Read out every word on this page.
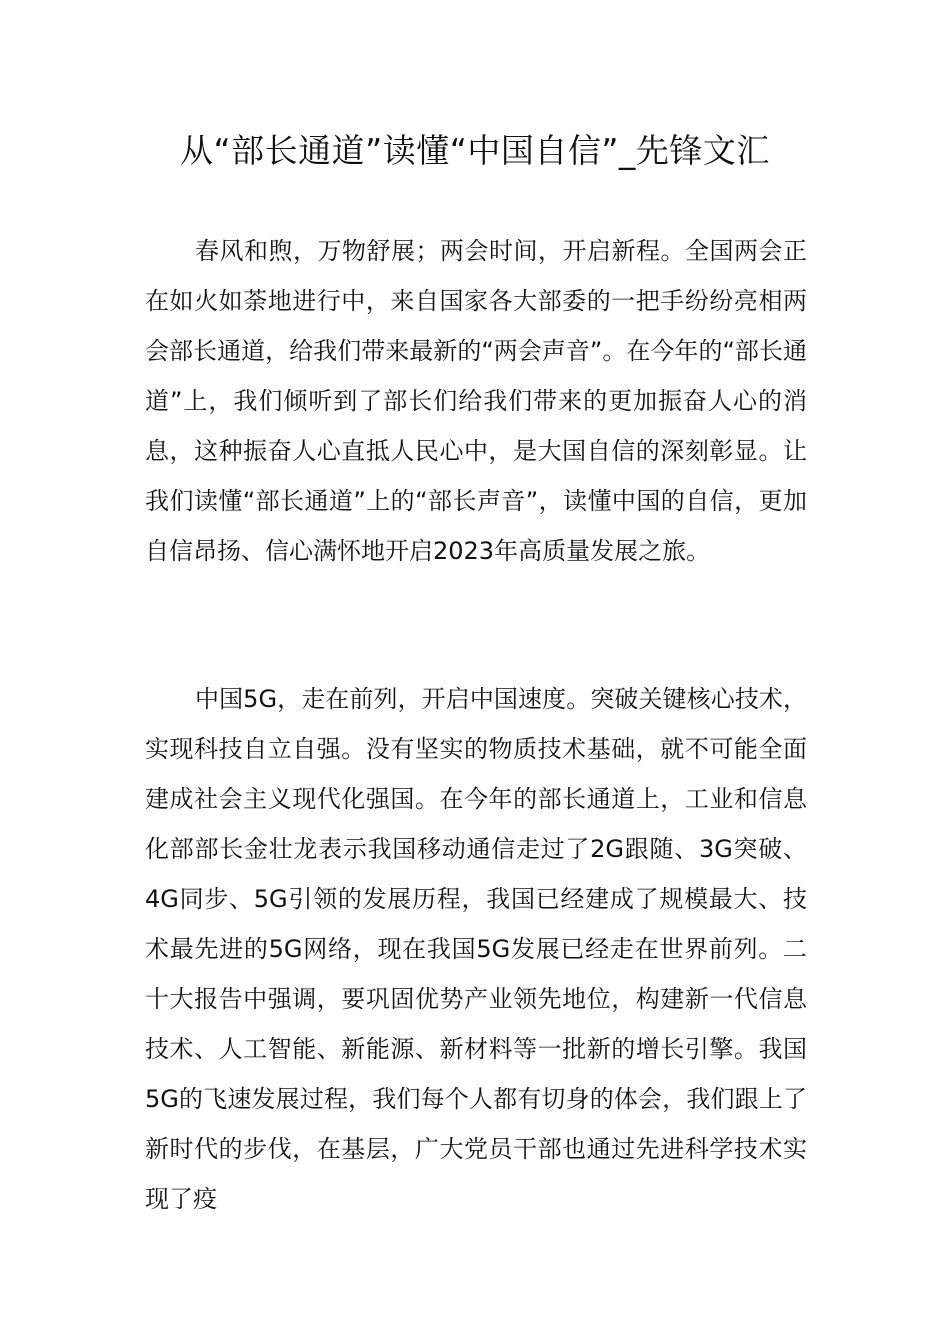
从“部长通道”读懂“中国自信”_先锋文汇

春风和煦，万物舒展；两会时间，开启新程。全国两会正在如火如荼地进行中，来自国家各大部委的一把手纷纷亮相两会部长通道，给我们带来最新的“两会声音”。在今年的“部长通道”上，我们倾听到了部长们给我们带来的更加振奋人心的消息，这种振奋人心直抵人民心中，是大国自信的深刻彰显。让我们读懂“部长通道”上的“部长声音”，读懂中国的自信，更加自信昂扬、信心满怀地开启2023年高质量发展之旅。

中国5G，走在前列，开启中国速度。突破关键核心技术，实现科技自立自强。没有坚实的物质技术基础，就不可能全面建成社会主义现代化强国。在今年的部长通道上，工业和信息化部部长金壮龙表示我国移动通信走过了2G跟随、3G突破、4G同步、5G引领的发展历程，我国已经建成了规模最大、技术最先进的5G网络，现在我国5G发展已经走在世界前列。二十大报告中强调，要巩固优势产业领先地位，构建新一代信息技术、人工智能、新能源、新材料等一批新的增长引擎。我国5G的飞速发展过程，我们每个人都有切身的体会，我们跟上了新时代的步伐，在基层，广大党员干部也通过先进科学技术实现了疫
